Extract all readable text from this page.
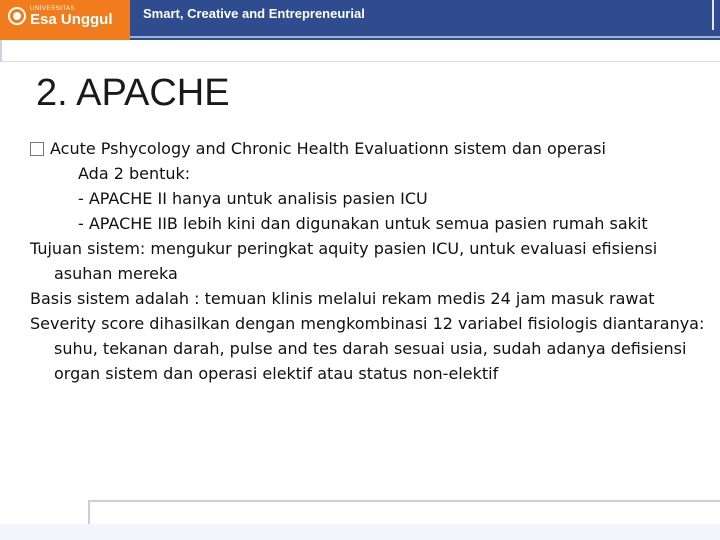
UNIVERSITAS
Esa Unggul Smart, Creative and Entrepreneurial
2. APACHE

Acute Pshycology and Chronic Health Evaluationn sistem dan operasi
Ada 2 bentuk:
- APACHE II hanya untuk analisis pasien ICU
- APACHE IIB lebih kini dan digunakan untuk semua pasien rumah sakit

Tujuan sistem: mengukur peringkat aquity pasien ICU, untuk evaluasi efisiensi asuhan mereka

Basis sistem adalah : temuan klinis melalui rekam medis 24 jam masuk rawat

Severity score dihasilkan dengan mengkombinasi 12 variabel fisiologis diantaranya: suhu, tekanan darah, pulse and tes darah sesuai usia, sudah adanya defisiensi organ sistem dan operasi elektif atau status non-elektif
